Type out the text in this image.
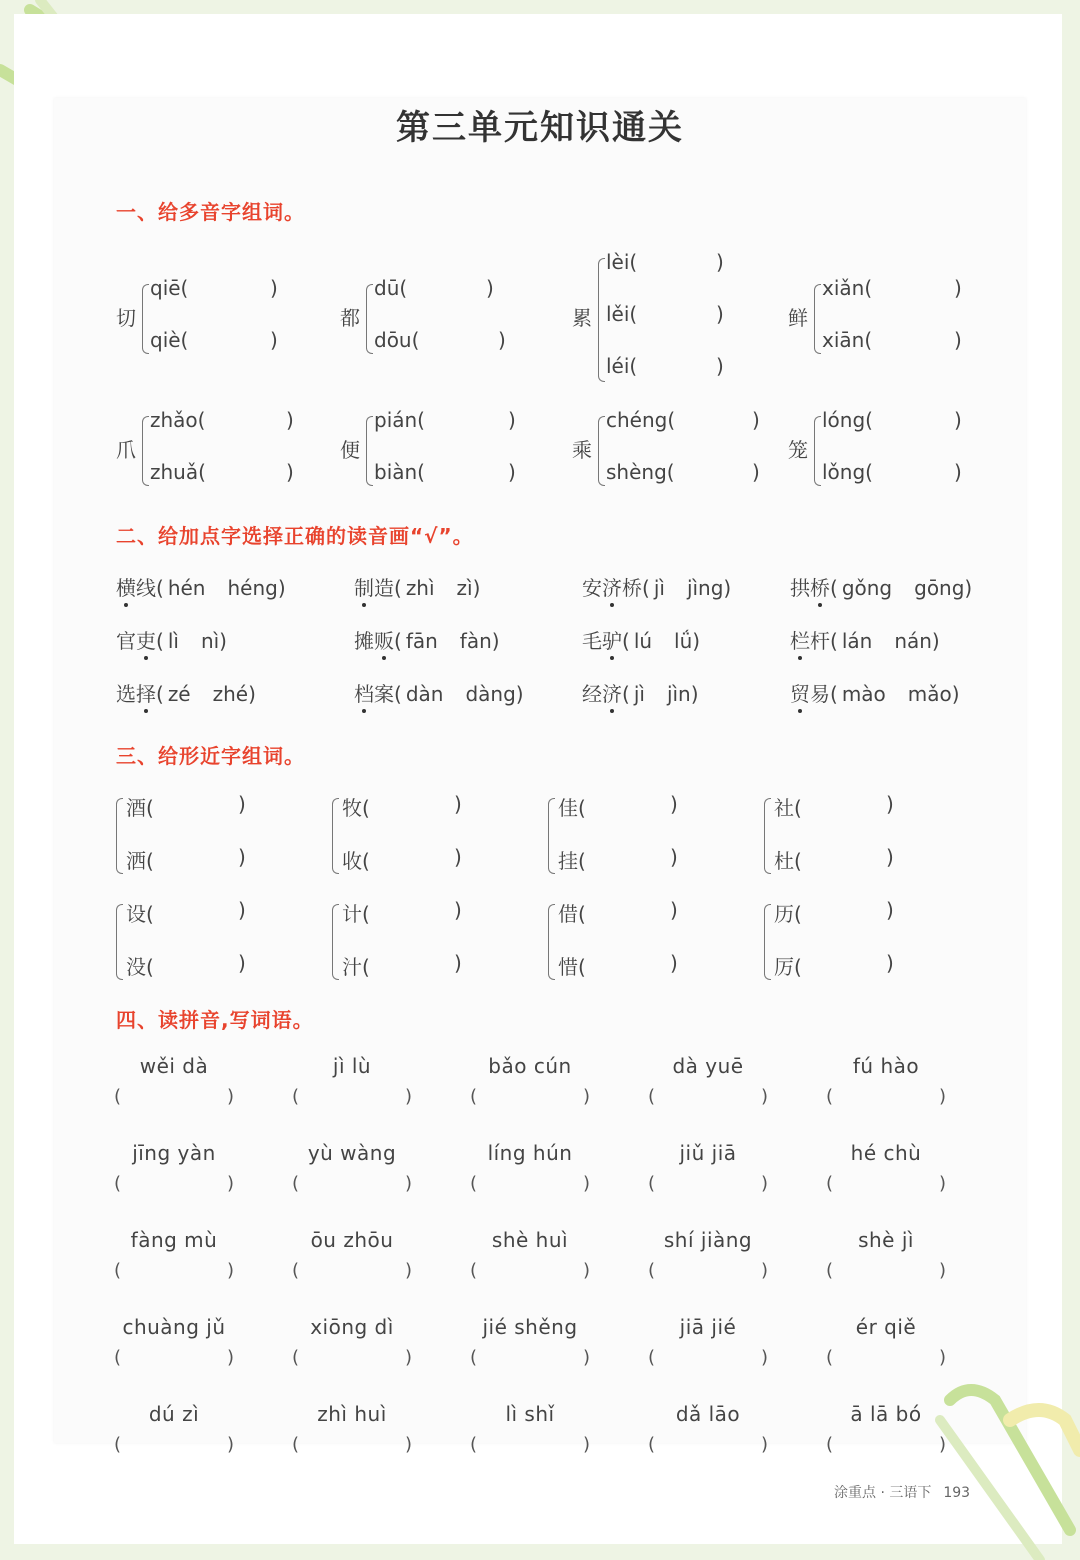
第三单元知识通关
一、给多音字组词。
切
qiē(	)
qiè(	)
都
dū(	)
dōu(	)
累
lèi(	)
lěi(	)
léi(	)
鲜
xiǎn(	)
xiān(	)
爪
zhǎo(	)
zhuǎ(	)
便
pián(	)
biàn(	)
乘
chéng(	)
shèng(	)
笼
lóng(	)
lǒng(	)
二、给加点字选择正确的读音画“√”。
横线( hén héng)	制造( zhì zì)	安济桥( jì jìng)	拱桥( gǒng gōng)
官吏( lì nì)	摊贩( fān fàn)	毛驴( lú lǘ)	栏杆( lán nán)
选择( zé zhé)	档案( dàn dàng)	经济( jì jìn)	贸易( mào mǎo)
三、给形近字组词。
酒(	)
洒(	)
牧(	)
收(	)
佳(	)
挂(	)
社(	)
杜(	)
设(	)
没(	)
计(	)
汁(	)
借(	)
惜(	)
历(	)
厉(	)
四、读拼音,写词语。
wěi dà
(	)
jì lù
(	)
bǎo cún
(	)
dà yuē
(	)
fú hào
(	)
jīng yàn
(	)
yù wàng
(	)
líng hún
(	)
jiǔ jiā
(	)
hé chù
(	)
fàng mù
(	)
ōu zhōu
(	)
shè huì
(	)
shí jiàng
(	)
shè jì
(	)
chuàng jǔ
(	)
xiōng dì
(	)
jié shěng
(	)
jiā jié
(	)
ér qiě
(	)
dú zì
(	)
zhì huì
(	)
lì shǐ
(	)
dǎ lāo
(	)
ā lā bó
(	)
涂重点 · 三语下 193
